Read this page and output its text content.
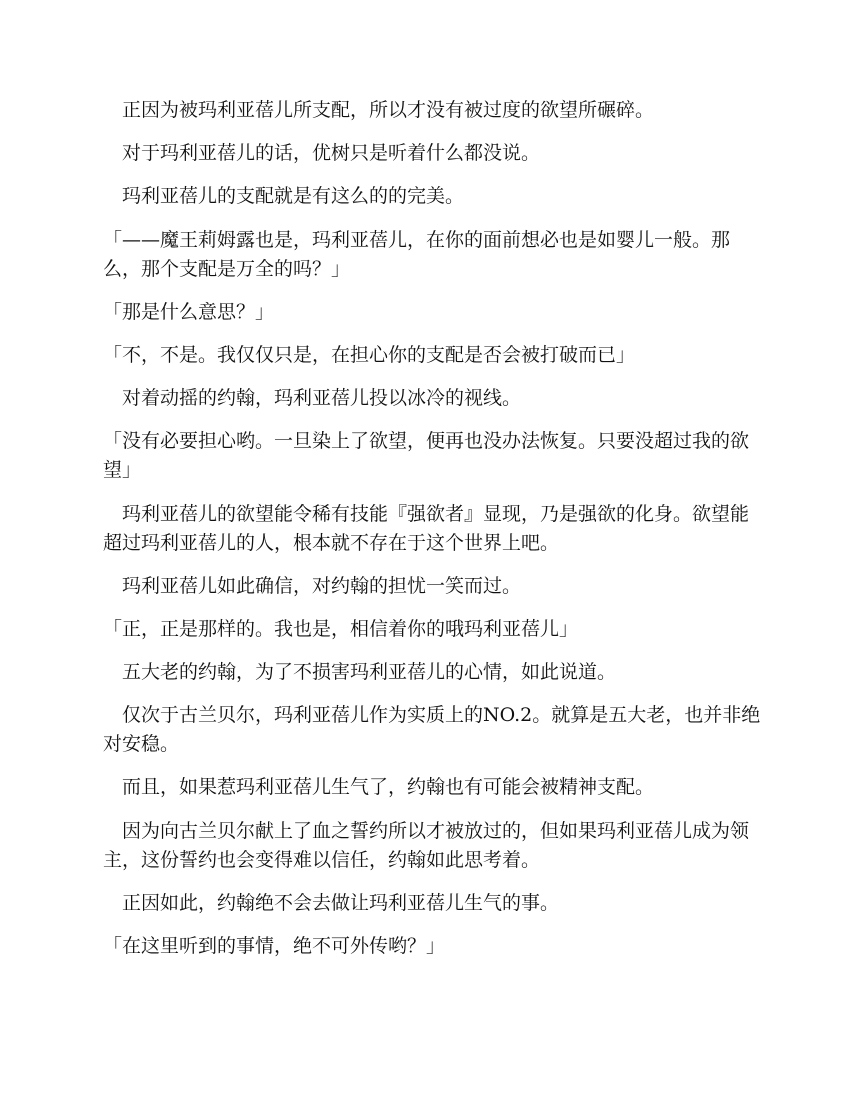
　正因为被玛利亚蓓儿所支配，所以才没有被过度的欲望所碾碎。

　对于玛利亚蓓儿的话，优树只是听着什么都没说。

　玛利亚蓓儿的支配就是有这么的的完美。

「——魔王莉姆露也是，玛利亚蓓儿，在你的面前想必也是如婴儿一般。那么，那个支配是万全的吗？」

「那是什么意思？」

「不，不是。我仅仅只是，在担心你的支配是否会被打破而已」

　对着动摇的约翰，玛利亚蓓儿投以冰冷的视线。

「没有必要担心哟。一旦染上了欲望，便再也没办法恢复。只要没超过我的欲望」

　玛利亚蓓儿的欲望能令稀有技能『强欲者』显现，乃是强欲的化身。欲望能超过玛利亚蓓儿的人，根本就不存在于这个世界上吧。

　玛利亚蓓儿如此确信，对约翰的担忧一笑而过。

「正，正是那样的。我也是，相信着你的哦玛利亚蓓儿」

　五大老的约翰，为了不损害玛利亚蓓儿的心情，如此说道。

　仅次于古兰贝尔，玛利亚蓓儿作为实质上的NO.2。就算是五大老，也并非绝对安稳。

　而且，如果惹玛利亚蓓儿生气了，约翰也有可能会被精神支配。

　因为向古兰贝尔献上了血之誓约所以才被放过的，但如果玛利亚蓓儿成为领主，这份誓约也会变得难以信任，约翰如此思考着。

　正因如此，约翰绝不会去做让玛利亚蓓儿生气的事。

「在这里听到的事情，绝不可外传哟？」
